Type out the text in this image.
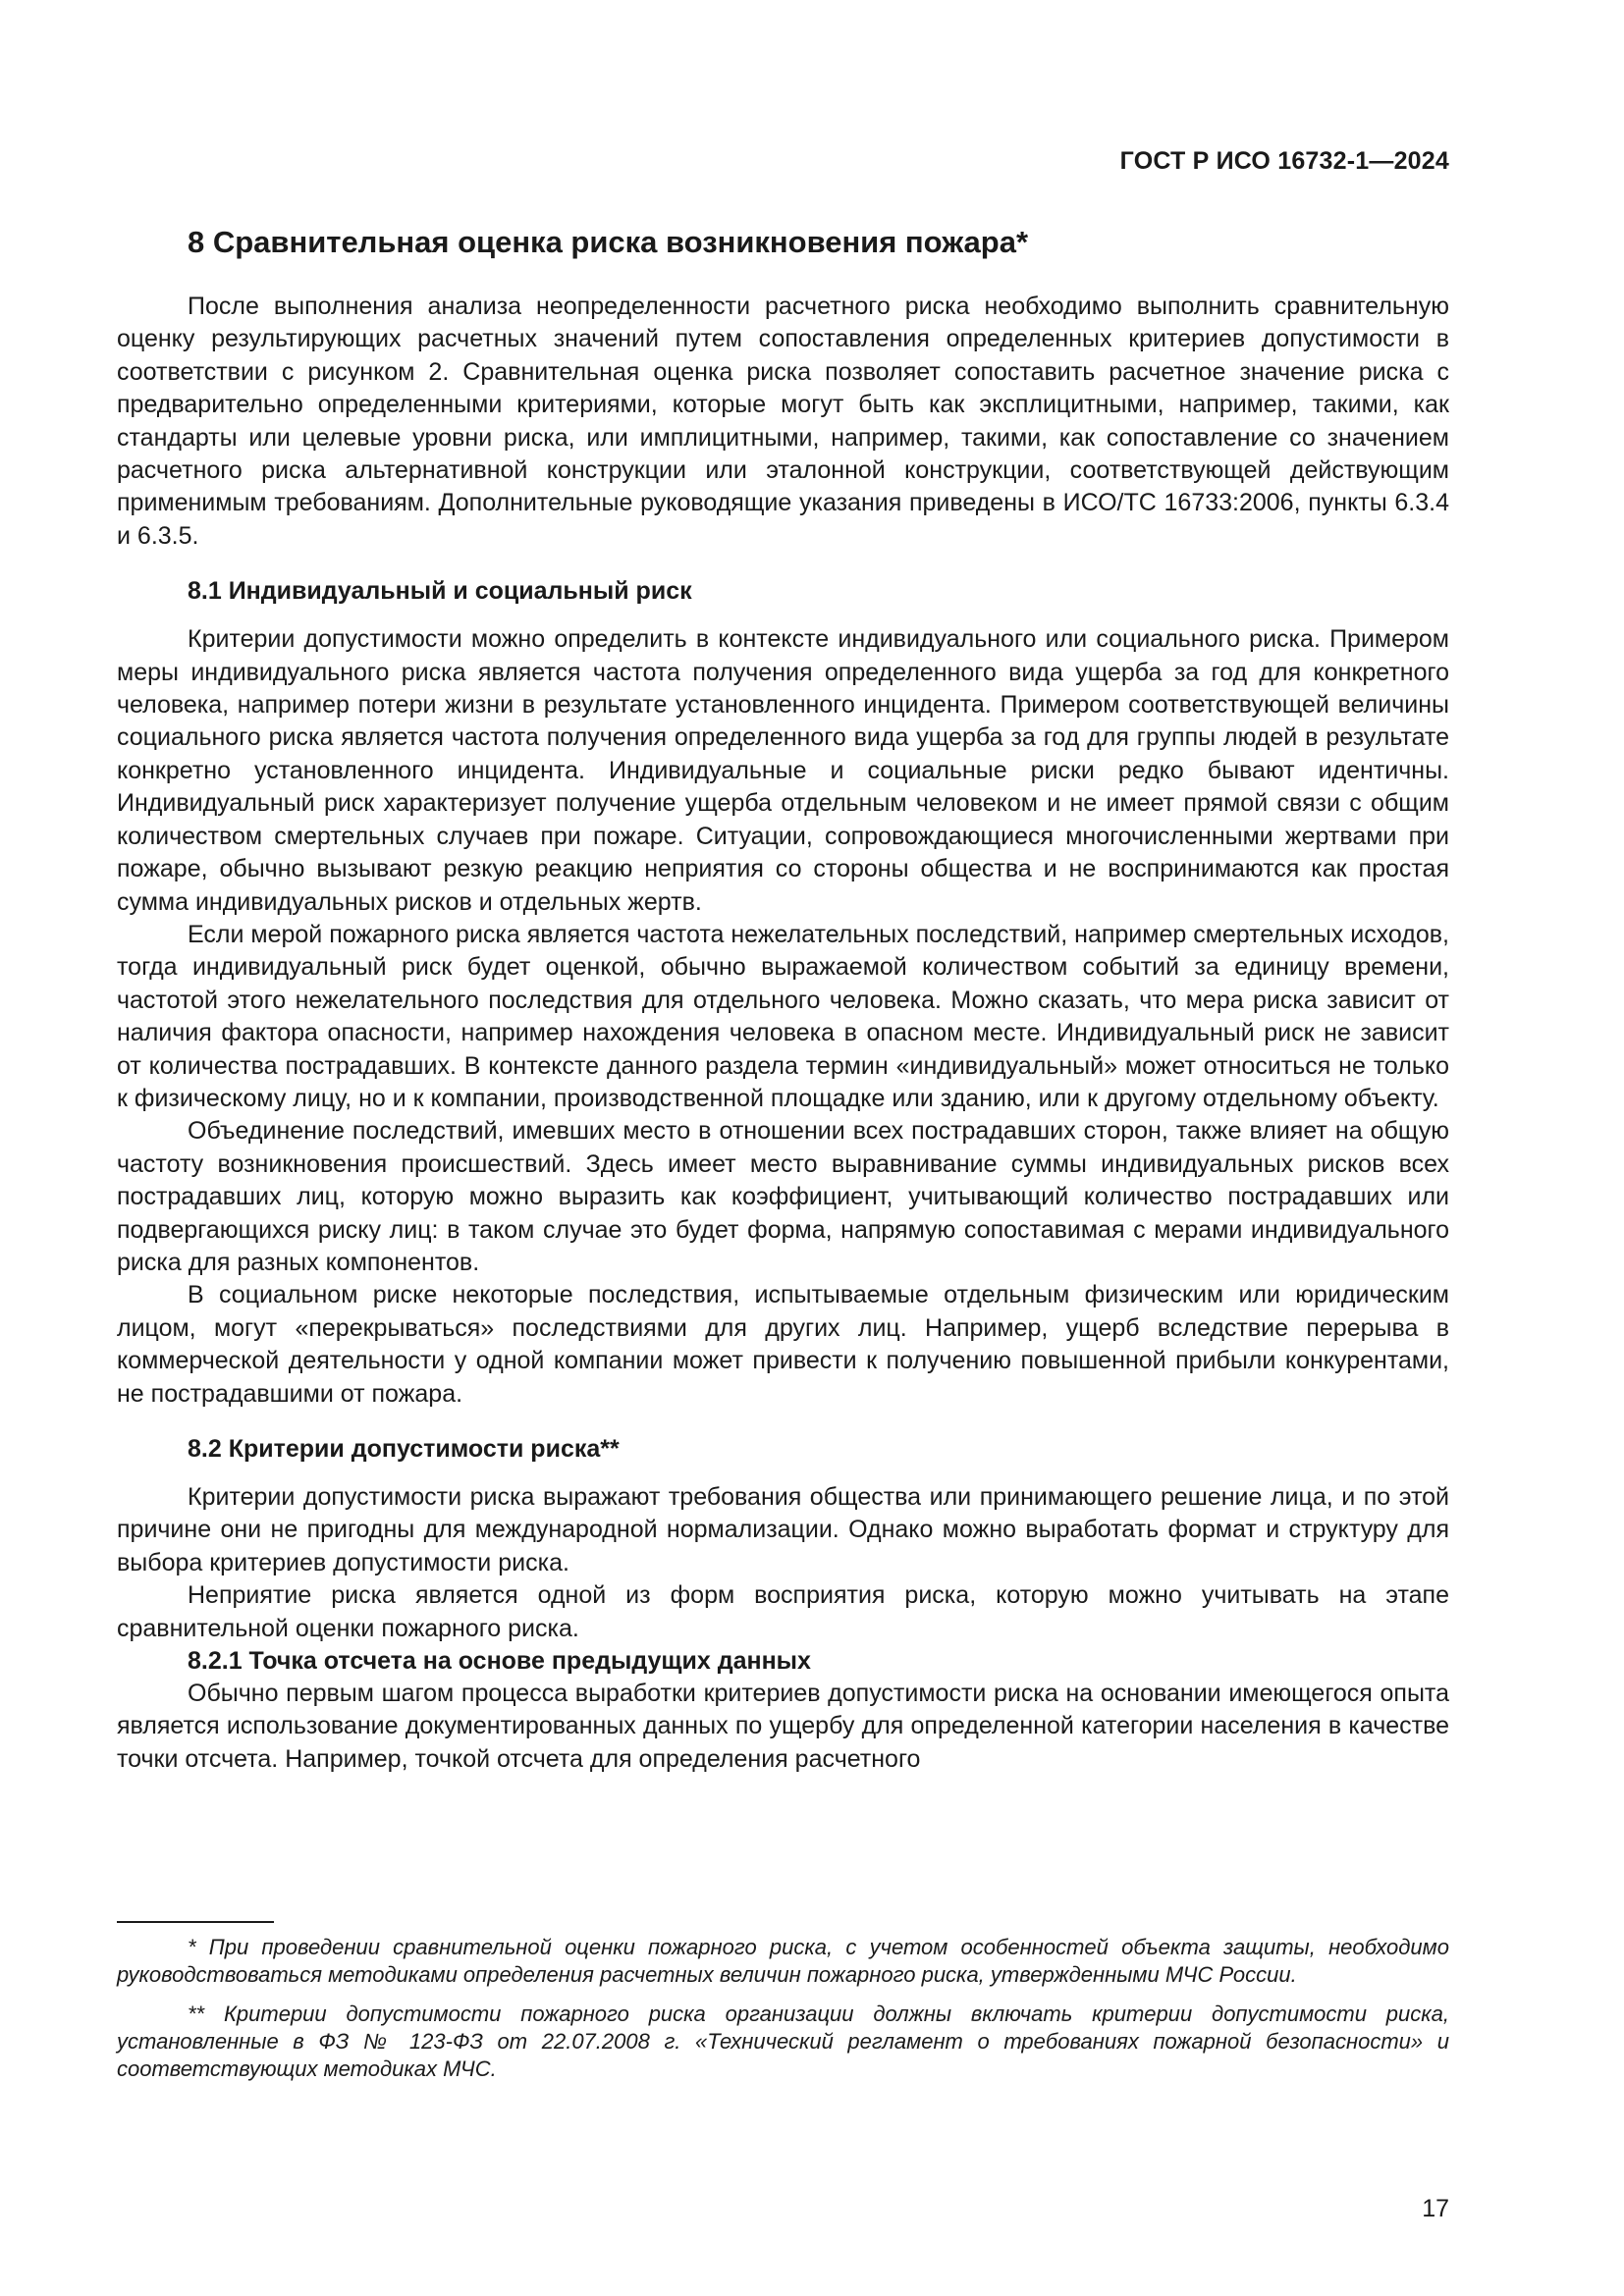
ГОСТ Р ИСО 16732-1—2024
8 Сравнительная оценка риска возникновения пожара*

После выполнения анализа неопределенности расчетного риска необходимо выполнить сравнительную оценку результирующих расчетных значений путем сопоставления определенных критериев допустимости в соответствии с рисунком 2. Сравнительная оценка риска позволяет сопоставить расчетное значение риска с предварительно определенными критериями, которые могут быть как эксплицитными, например, такими, как стандарты или целевые уровни риска, или имплицитными, например, такими, как сопоставление со значением расчетного риска альтернативной конструкции или эталонной конструкции, соответствующей действующим применимым требованиям. Дополнительные руководящие указания приведены в ИСО/ТС 16733:2006, пункты 6.3.4 и 6.3.5.

8.1 Индивидуальный и социальный риск

Критерии допустимости можно определить в контексте индивидуального или социального риска. Примером меры индивидуального риска является частота получения определенного вида ущерба за год для конкретного человека, например потери жизни в результате установленного инцидента. Примером соответствующей величины социального риска является частота получения определенного вида ущерба за год для группы людей в результате конкретно установленного инцидента. Индивидуальные и социальные риски редко бывают идентичны. Индивидуальный риск характеризует получение ущерба отдельным человеком и не имеет прямой связи с общим количеством смертельных случаев при пожаре. Ситуации, сопровождающиеся многочисленными жертвами при пожаре, обычно вызывают резкую реакцию неприятия со стороны общества и не воспринимаются как простая сумма индивидуальных рисков и отдельных жертв.

Если мерой пожарного риска является частота нежелательных последствий, например смертельных исходов, тогда индивидуальный риск будет оценкой, обычно выражаемой количеством событий за единицу времени, частотой этого нежелательного последствия для отдельного человека. Можно сказать, что мера риска зависит от наличия фактора опасности, например нахождения человека в опасном месте. Индивидуальный риск не зависит от количества пострадавших. В контексте данного раздела термин «индивидуальный» может относиться не только к физическому лицу, но и к компании, производственной площадке или зданию, или к другому отдельному объекту.

Объединение последствий, имевших место в отношении всех пострадавших сторон, также влияет на общую частоту возникновения происшествий. Здесь имеет место выравнивание суммы индивидуальных рисков всех пострадавших лиц, которую можно выразить как коэффициент, учитывающий количество пострадавших или подвергающихся риску лиц: в таком случае это будет форма, напрямую сопоставимая с мерами индивидуального риска для разных компонентов.

В социальном риске некоторые последствия, испытываемые отдельным физическим или юридическим лицом, могут «перекрываться» последствиями для других лиц. Например, ущерб вследствие перерыва в коммерческой деятельности у одной компании может привести к получению повышенной прибыли конкурентами, не пострадавшими от пожара.

8.2 Критерии допустимости риска**

Критерии допустимости риска выражают требования общества или принимающего решение лица, и по этой причине они не пригодны для международной нормализации. Однако можно выработать формат и структуру для выбора критериев допустимости риска.

Неприятие риска является одной из форм восприятия риска, которую можно учитывать на этапе сравнительной оценки пожарного риска.

8.2.1 Точка отсчета на основе предыдущих данных

Обычно первым шагом процесса выработки критериев допустимости риска на основании имеющегося опыта является использование документированных данных по ущербу для определенной категории населения в качестве точки отсчета. Например, точкой отсчета для определения расчетного

* При проведении сравнительной оценки пожарного риска, с учетом особенностей объекта защиты, необходимо руководствоваться методиками определения расчетных величин пожарного риска, утвержденными МЧС России.

** Критерии допустимости пожарного риска организации должны включать критерии допустимости риска, установленные в ФЗ № 123-ФЗ от 22.07.2008 г. «Технический регламент о требованиях пожарной безопасности» и соответствующих методиках МЧС.

17
